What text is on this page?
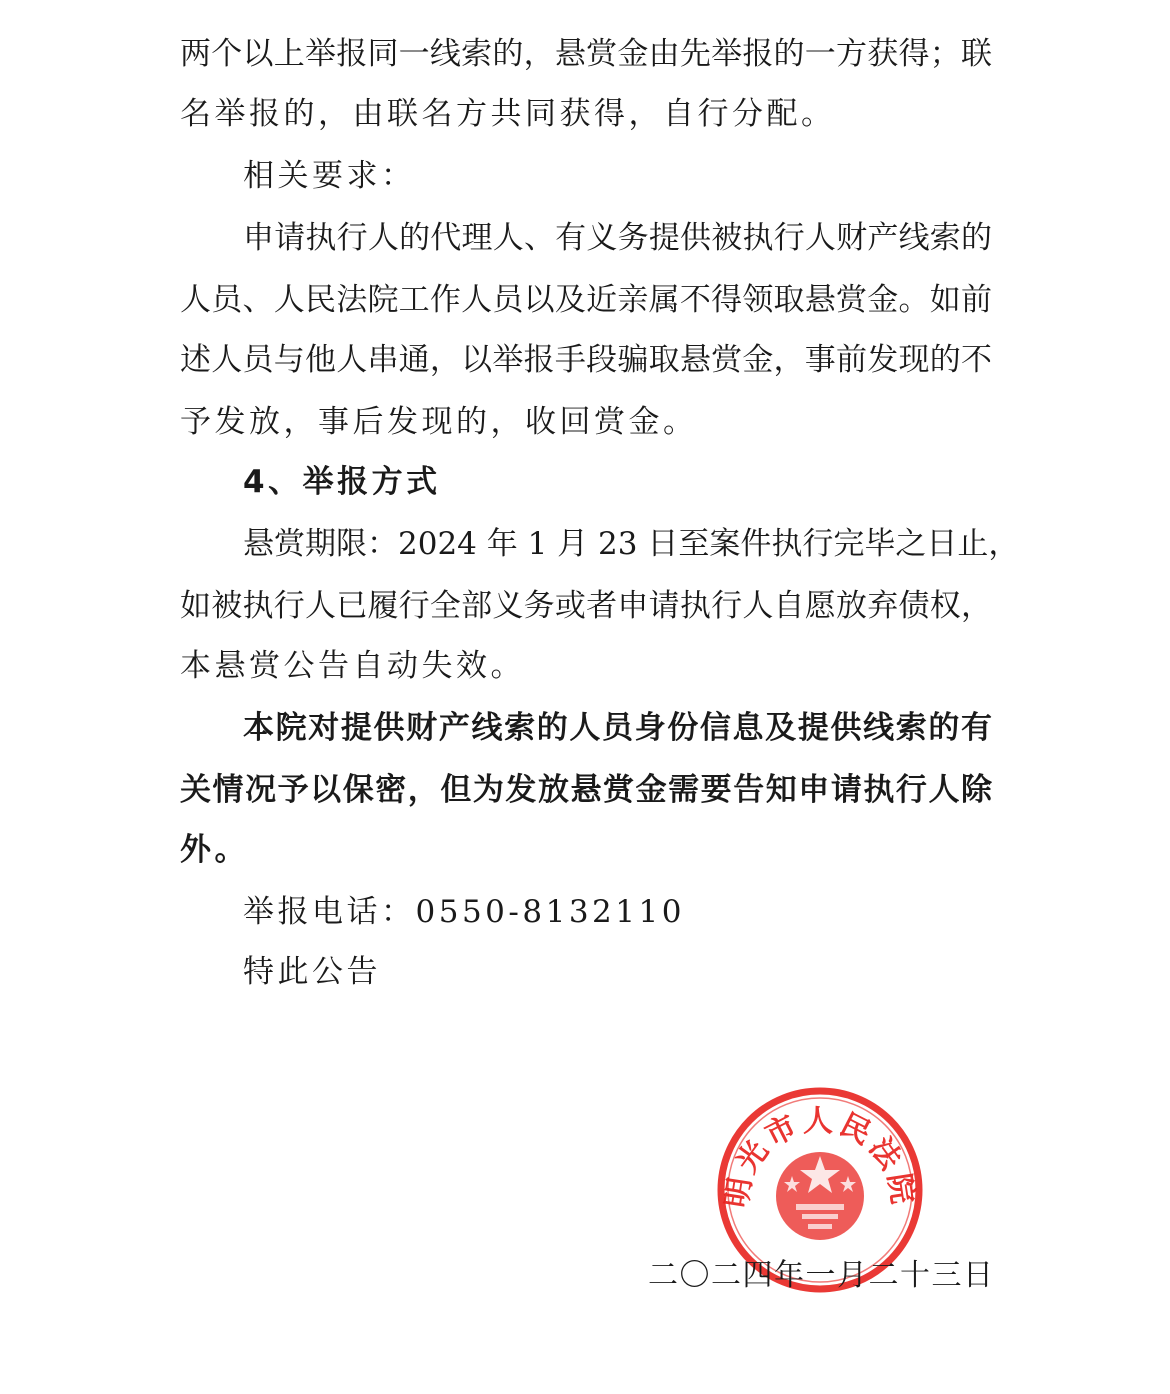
两个以上举报同一线索的，悬赏金由先举报的一方获得；联
名举报的，由联名方共同获得，自行分配。
相关要求：
申请执行人的代理人、有义务提供被执行人财产线索的
人员、人民法院工作人员以及近亲属不得领取悬赏金。如前
述人员与他人串通，以举报手段骗取悬赏金，事前发现的不
予发放，事后发现的，收回赏金。
4、举报方式
悬赏期限：2024 年 1 月 23 日至案件执行完毕之日止，
如被执行人已履行全部义务或者申请执行人自愿放弃债权，
本悬赏公告自动失效。
本院对提供财产线索的人员身份信息及提供线索的有
关情况予以保密，但为发放悬赏金需要告知申请执行人除
外。
举报电话：0550-8132110
特此公告
明光市人民法院
二〇二四年一月二十三日
